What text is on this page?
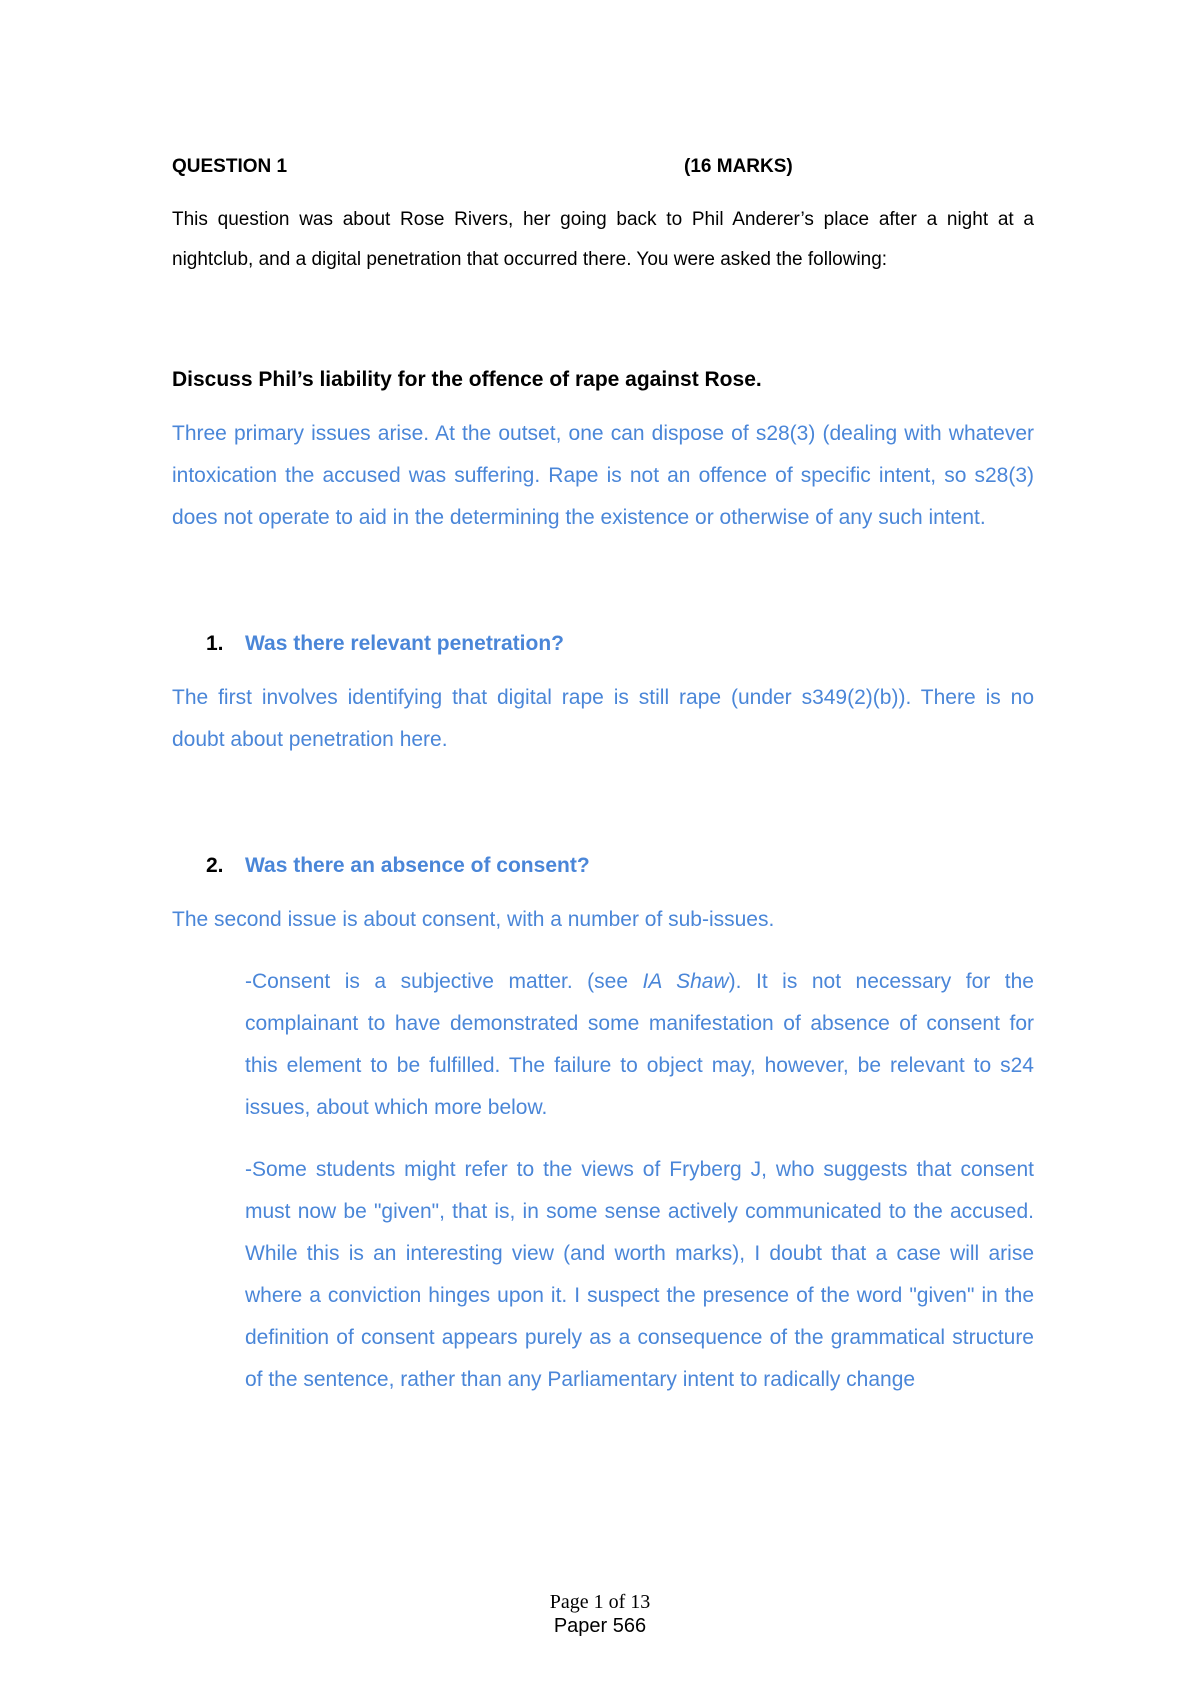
QUESTION 1	(16 MARKS)
This question was about Rose Rivers, her going back to Phil Anderer’s place after a night at a nightclub, and a digital penetration that occurred there. You were asked the following:
Discuss Phil’s liability for the offence of rape against Rose.
Three primary issues arise. At the outset, one can dispose of s28(3) (dealing with whatever intoxication the accused was suffering. Rape is not an offence of specific intent, so s28(3) does not operate to aid in the determining the existence or otherwise of any such intent.
1.	Was there relevant penetration?
The first involves identifying that digital rape is still rape (under s349(2)(b)). There is no doubt about penetration here.
2.	Was there an absence of consent?
The second issue is about consent, with a number of sub-issues.
-Consent is a subjective matter. (see IA Shaw). It is not necessary for the complainant to have demonstrated some manifestation of absence of consent for this element to be fulfilled. The failure to object may, however, be relevant to s24 issues, about which more below.
-Some students might refer to the views of Fryberg J, who suggests that consent must now be "given", that is, in some sense actively communicated to the accused. While this is an interesting view (and worth marks), I doubt that a case will arise where a conviction hinges upon it. I suspect the presence of the word "given" in the definition of consent appears purely as a consequence of the grammatical structure of the sentence, rather than any Parliamentary intent to radically change
Page 1 of 13
Paper 566
